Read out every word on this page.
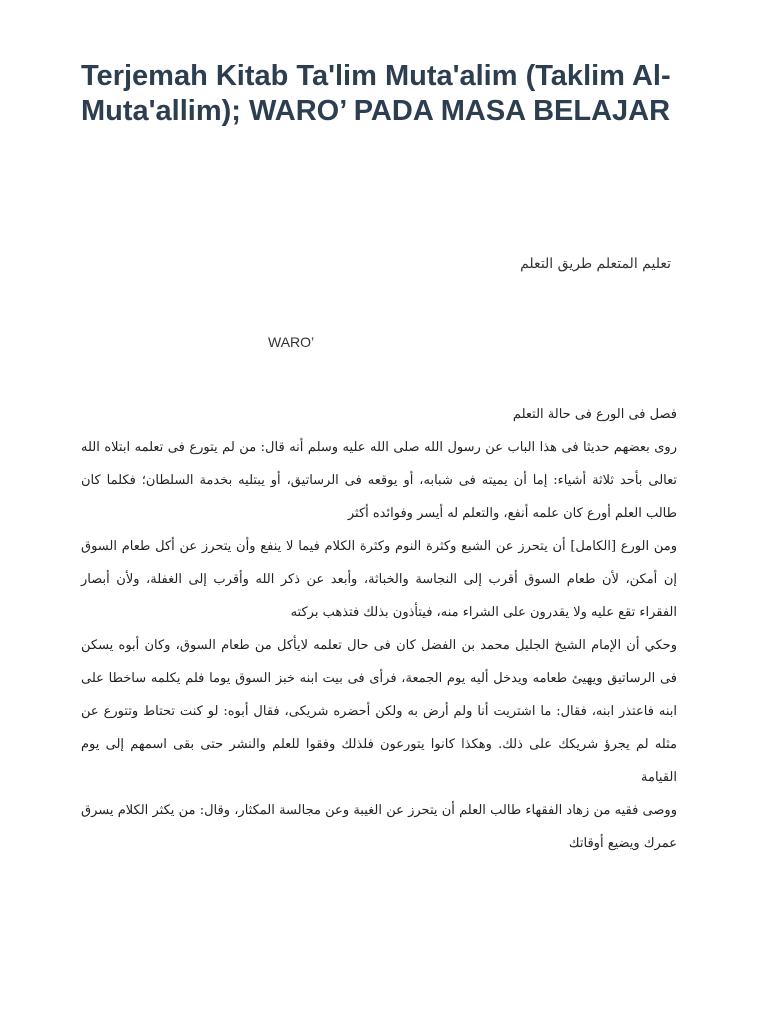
Terjemah Kitab Ta'lim Muta'alim (Taklim Al-Muta'allim); WARO’ PADA MASA BELAJAR
تعليم المتعلم طريق التعلم

WARO’

فصل فى الورع فى حالة التعلم

روى بعضهم حديثا فى هذا الباب عن رسول الله صلى الله عليه وسلم أنه قال: من لم يتورع فى تعلمه ابتلاه الله تعالى بأحد ثلاثة أشياء: إما أن يميته فى شبابه، أو يوقعه فى الرساتيق، أو يبتليه بخدمة السلطان؛ فكلما كان طالب العلم أورع كان علمه أنفع، والتعلم له أيسر وفوائده أكثر

ومن الورع [الكامل] أن يتحرز عن الشبع وكثرة النوم وكثرة الكلام فيما لا ينفع وأن يتحرز عن أكل طعام السوق إن أمكن، لأن طعام السوق أقرب إلى النجاسة والخباثة، وأبعد عن ذكر الله وأقرب إلى الغفلة، ولأن أبصار الفقراء تقع عليه ولا يقدرون على الشراء منه، فيتأذون بذلك فتذهب بركته

وحكي أن الإمام الشيخ الجليل محمد بن الفضل كان فى حال تعلمه لايأكل من طعام السوق، وكان أبوه يسكن فى الرساتيق ويهيئ طعامه ويدخل أليه يوم الجمعة، فرأى فى بيت ابنه خبز السوق يوما فلم يكلمه ساخطا على ابنه فاعتذر ابنه، فقال: ما اشتريت أنا ولم أرض به ولكن أحضره شريكى، فقال أبوه: لو كنت تحتاط وتتورع عن مثله لم يجرؤ شريكك على ذلك. وهكذا كانوا يتورعون فلذلك وفقوا للعلم والنشر حتى بقى اسمهم إلى يوم القيامة

ووصى فقيه من زهاد الفقهاء طالب العلم أن يتحرز عن الغيبة وعن مجالسة المكثار، وقال: من يكثر الكلام يسرق عمرك ويضيع أوقاتك
